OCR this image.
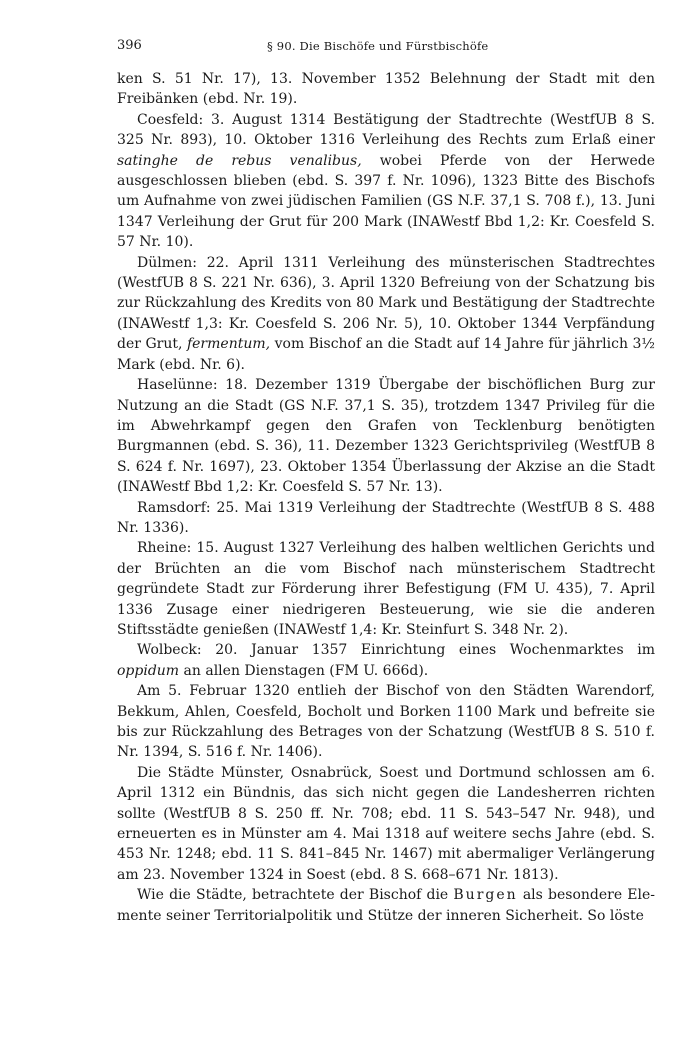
396	§ 90. Die Bischöfe und Fürstbischöfe

ken S. 51 Nr. 17), 13. November 1352 Belehnung der Stadt mit den Freibänken (ebd. Nr. 19).

Coesfeld: 3. August 1314 Bestätigung der Stadtrechte (WestfUB 8 S. 325 Nr. 893), 10. Oktober 1316 Verleihung des Rechts zum Erlaß einer satinghe de rebus venalibus, wobei Pferde von der Herwede ausgeschlossen blieben (ebd. S. 397 f. Nr. 1096), 1323 Bitte des Bischofs um Aufnahme von zwei jüdischen Familien (GS N.F. 37,1 S. 708 f.), 13. Juni 1347 Verleihung der Grut für 200 Mark (INAWestf Bbd 1,2: Kr. Coesfeld S. 57 Nr. 10).

Dülmen: 22. April 1311 Verleihung des münsterischen Stadtrechtes (WestfUB 8 S. 221 Nr. 636), 3. April 1320 Befreiung von der Schatzung bis zur Rückzahlung des Kredits von 80 Mark und Bestätigung der Stadtrechte (INAWestf 1,3: Kr. Coesfeld S. 206 Nr. 5), 10. Oktober 1344 Verpfändung der Grut, fermentum, vom Bischof an die Stadt auf 14 Jahre für jährlich 3½ Mark (ebd. Nr. 6).

Haselünne: 18. Dezember 1319 Übergabe der bischöflichen Burg zur Nutzung an die Stadt (GS N.F. 37,1 S. 35), trotzdem 1347 Privileg für die im Abwehrkampf gegen den Grafen von Tecklenburg benötigten Burgmannen (ebd. S. 36), 11. Dezember 1323 Gerichtsprivileg (WestfUB 8 S. 624 f. Nr. 1697), 23. Oktober 1354 Überlassung der Akzise an die Stadt (INAWestf Bbd 1,2: Kr. Coesfeld S. 57 Nr. 13).

Ramsdorf: 25. Mai 1319 Verleihung der Stadtrechte (WestfUB 8 S. 488 Nr. 1336).

Rheine: 15. August 1327 Verleihung des halben weltlichen Gerichts und der Brüchten an die vom Bischof nach münsterischem Stadtrecht gegründete Stadt zur Förderung ihrer Befestigung (FM U. 435), 7. April 1336 Zusage einer niedrigeren Besteuerung, wie sie die anderen Stiftsstädte genießen (INAWestf 1,4: Kr. Steinfurt S. 348 Nr. 2).

Wolbeck: 20. Januar 1357 Einrichtung eines Wochenmarktes im oppidum an allen Dienstagen (FM U. 666d).

Am 5. Februar 1320 entlieh der Bischof von den Städten Warendorf, Bekkum, Ahlen, Coesfeld, Bocholt und Borken 1100 Mark und befreite sie bis zur Rückzahlung des Betrages von der Schatzung (WestfUB 8 S. 510 f. Nr. 1394, S. 516 f. Nr. 1406).

Die Städte Münster, Osnabrück, Soest und Dortmund schlossen am 6. April 1312 ein Bündnis, das sich nicht gegen die Landesherren richten sollte (WestfUB 8 S. 250 ff. Nr. 708; ebd. 11 S. 543–547 Nr. 948), und erneuerten es in Münster am 4. Mai 1318 auf weitere sechs Jahre (ebd. S. 453 Nr. 1248; ebd. 11 S. 841–845 Nr. 1467) mit abermaliger Verlängerung am 23. November 1324 in Soest (ebd. 8 S. 668–671 Nr. 1813).

Wie die Städte, betrachtete der Bischof die Burgen als besondere Elemente seiner Territorialpolitik und Stütze der inneren Sicherheit. So löste
